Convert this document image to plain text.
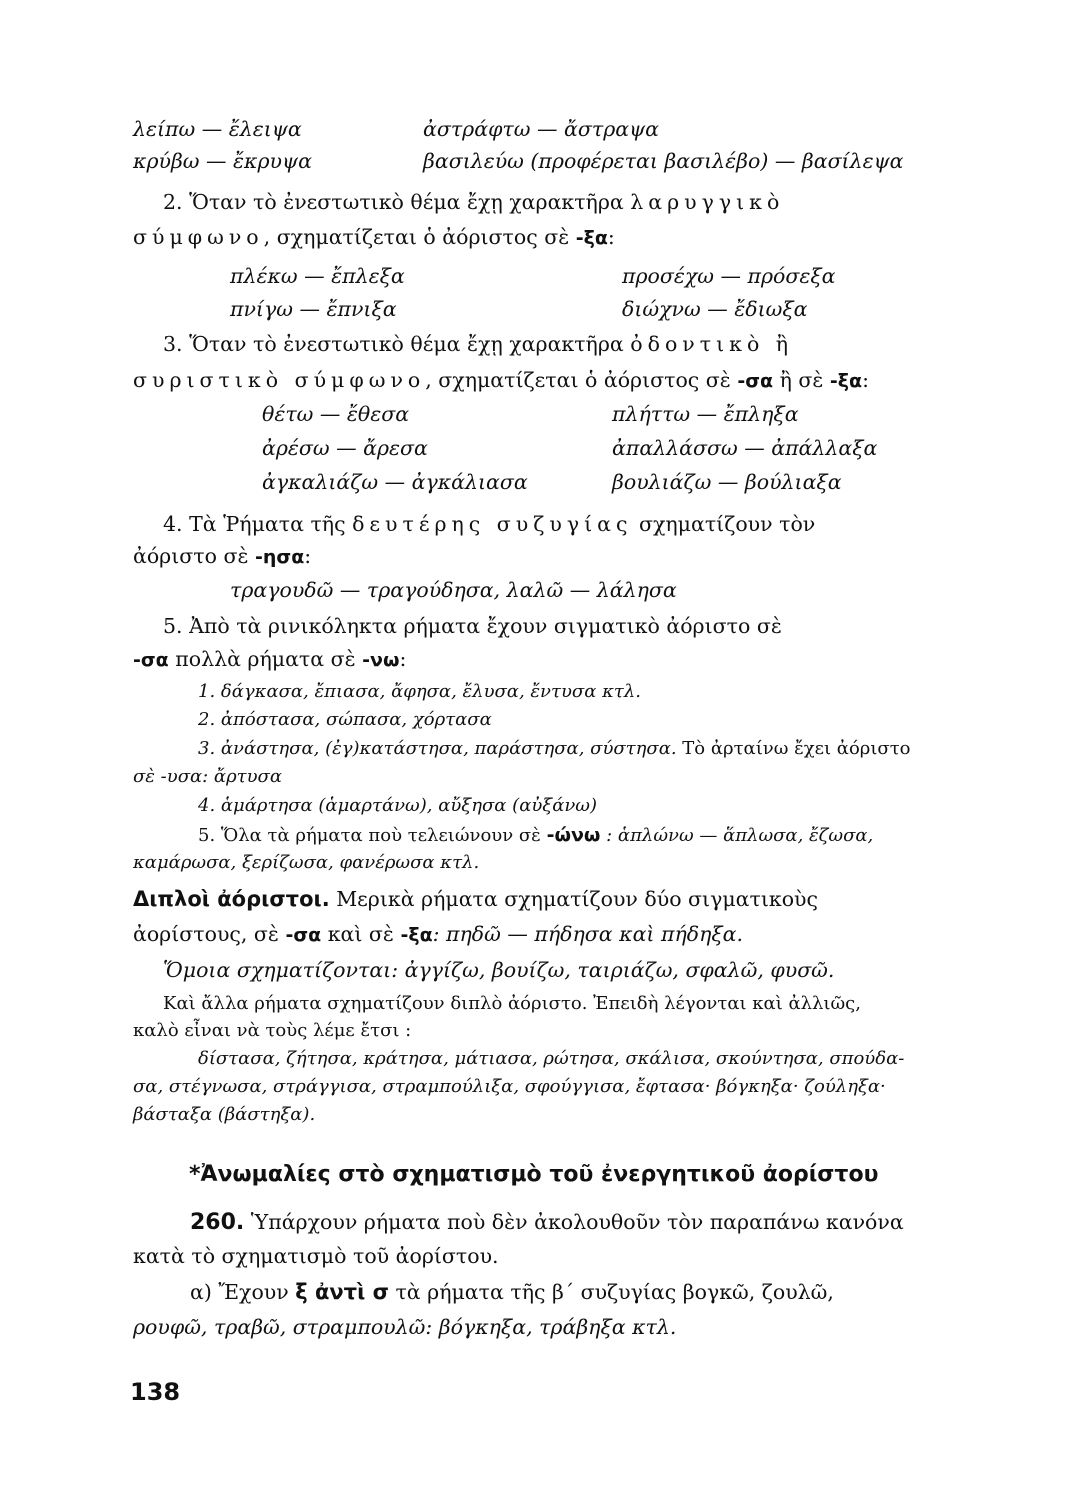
λείπω — ἔλειψα	ἀστράφτω — ἄστραψα
κρύβω — ἔκρυψα	βασιλεύω (προφέρεται βασιλέβο) — βασίλεψα
2. Ὅταν τὸ ἐνεστωτικὸ θέμα ἔχῃ χαρακτῆρα λαρυγγικὸ
σύμφωνο, σχηματίζεται ὁ ἀόριστος σὲ -ξα:
πλέκω — ἔπλεξα	προσέχω — πρόσεξα
πνίγω — ἔπνιξα	διώχνω — ἔδιωξα
3. Ὅταν τὸ ἐνεστωτικὸ θέμα ἔχῃ χαρακτῆρα ὀδοντικὸ ἢ
συριστικὸ σύμφωνο, σχηματίζεται ὁ ἀόριστος σὲ -σα ἢ σὲ -ξα:
θέτω — ἔθεσα	πλήττω — ἔπληξα
ἀρέσω — ἄρεσα	ἀπαλλάσσω — ἀπάλλαξα
ἀγκαλιάζω — ἀγκάλιασα	βουλιάζω — βούλιαξα
4. Τὰ Ῥήματα τῆς δευτέρης συζυγίας σχηματίζουν τὸν
ἀόριστο σὲ -ησα:
τραγουδῶ — τραγούδησα, λαλῶ — λάλησα
5. Ἀπὸ τὰ ρινικόληκτα ρήματα ἔχουν σιγματικὸ ἀόριστο σὲ
-σα πολλὰ ρήματα σὲ -νω:
1. δάγκασα, ἔπιασα, ἄφησα, ἔλυσα, ἔντυσα κτλ.
2. ἀπόστασα, σώπασα, χόρτασα
3. ἀνάστησα, (ἐγ)κατάστησα, παράστησα, σύστησα. Τὸ ἀρταίνω ἔχει ἀόριστο
σὲ -υσα: ἄρτυσα
4. ἁμάρτησα (ἁμαρτάνω), αὔξησα (αὐξάνω)
5. Ὅλα τὰ ρήματα ποὺ τελειώνουν σὲ -ώνω : ἁπλώνω — ἅπλωσα, ἔζωσα,
καμάρωσα, ξερίζωσα, φανέρωσα κτλ.
Διπλοὶ ἀόριστοι. Μερικὰ ρήματα σχηματίζουν δύο σιγματικοὺς
ἀορίστους, σὲ -σα καὶ σὲ -ξα: πηδῶ — πήδησα καὶ πήδηξα.
Ὅμοια σχηματίζονται: ἀγγίζω, βουίζω, ταιριάζω, σφαλῶ, φυσῶ.
Καὶ ἄλλα ρήματα σχηματίζουν διπλὸ ἀόριστο. Ἐπειδὴ λέγονται καὶ ἀλλιῶς,
καλὸ εἶναι νὰ τοὺς λέμε ἔτσι :
δίστασα, ζήτησα, κράτησα, μάτιασα, ρώτησα, σκάλισα, σκούντησα, σπούδα-
σα, στέγνωσα, στράγγισα, στραμπούλιξα, σφούγγισα, ἔφτασα· βόγκηξα· ζούληξα·
βάσταξα (βάστηξα).
*Ἀνωμαλίες στὸ σχηματισμὸ τοῦ ἐνεργητικοῦ ἀορίστου
260. Ὑπάρχουν ρήματα ποὺ δὲν ἀκολουθοῦν τὸν παραπάνω κανόνα
κατὰ τὸ σχηματισμὸ τοῦ ἀορίστου.
α) Ἔχουν ξ ἀντὶ σ τὰ ρήματα τῆς β΄ συζυγίας βογκῶ, ζουλῶ,
ρουφῶ, τραβῶ, στραμπουλῶ: βόγκηξα, τράβηξα κτλ.
138
